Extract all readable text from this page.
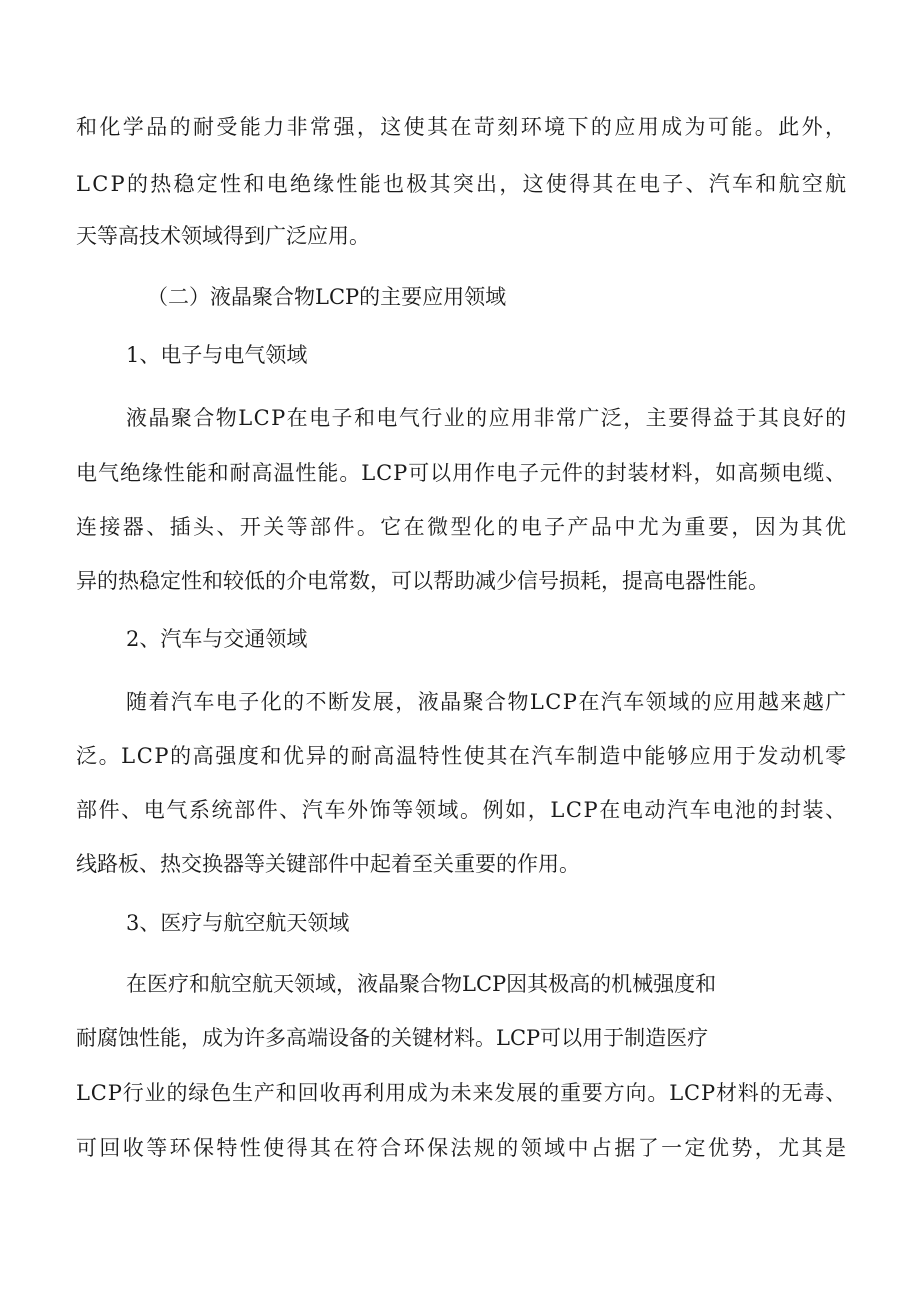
和化学品的耐受能力非常强，这使其在苛刻环境下的应用成为可能。此外，
LCP的热稳定性和电绝缘性能也极其突出，这使得其在电子、汽车和航空航
天等高技术领域得到广泛应用。
（二）液晶聚合物LCP的主要应用领域
1、电子与电气领域
液晶聚合物LCP在电子和电气行业的应用非常广泛，主要得益于其良好的
电气绝缘性能和耐高温性能。LCP可以用作电子元件的封装材料，如高频电缆、
连接器、插头、开关等部件。它在微型化的电子产品中尤为重要，因为其优
异的热稳定性和较低的介电常数，可以帮助减少信号损耗，提高电器性能。
2、汽车与交通领域
随着汽车电子化的不断发展，液晶聚合物LCP在汽车领域的应用越来越广
泛。LCP的高强度和优异的耐高温特性使其在汽车制造中能够应用于发动机零
部件、电气系统部件、汽车外饰等领域。例如，LCP在电动汽车电池的封装、
线路板、热交换器等关键部件中起着至关重要的作用。
3、医疗与航空航天领域
在医疗和航空航天领域，液晶聚合物LCP因其极高的机械强度和
耐腐蚀性能，成为许多高端设备的关键材料。LCP可以用于制造医疗
LCP行业的绿色生产和回收再利用成为未来发展的重要方向。LCP材料的无毒、
可回收等环保特性使得其在符合环保法规的领域中占据了一定优势，尤其是
